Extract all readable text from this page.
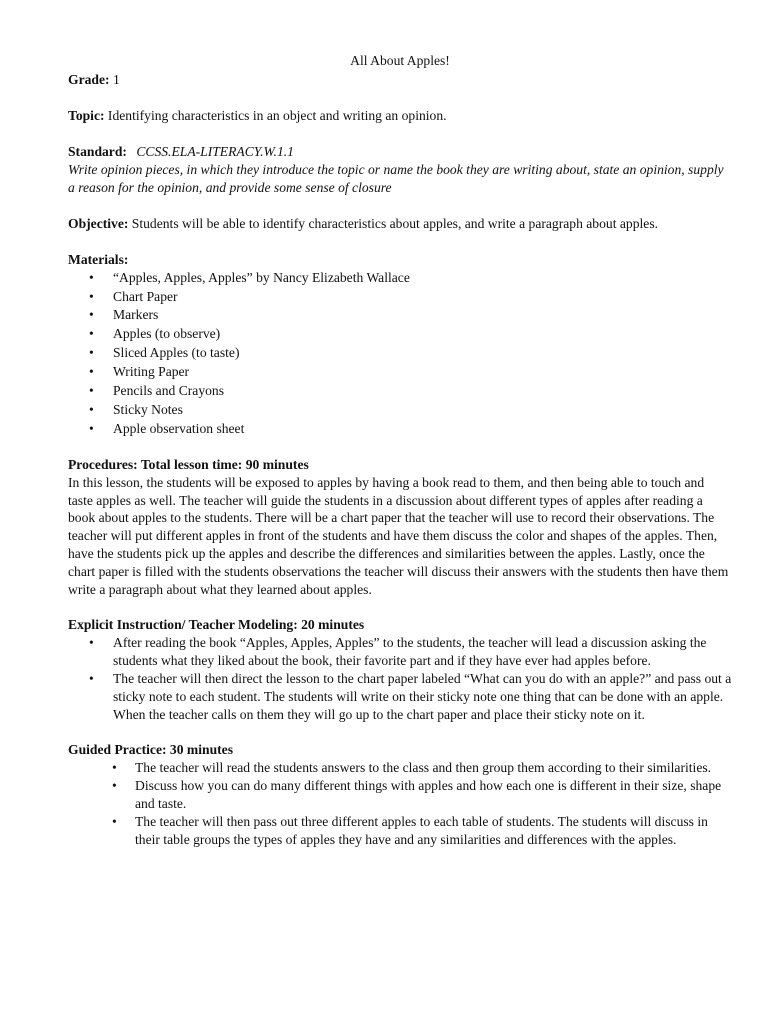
All About Apples!

Grade: 1

Topic: Identifying characteristics in an object and writing an opinion.

Standard: CCSS.ELA-LITERACY.W.1.1

Write opinion pieces, in which they introduce the topic or name the book they are writing about, state an opinion, supply a reason for the opinion, and provide some sense of closure

Objective: Students will be able to identify characteristics about apples, and write a paragraph about apples.

Materials:

• “Apples, Apples, Apples” by Nancy Elizabeth Wallace
• Chart Paper
• Markers
• Apples (to observe)
• Sliced Apples (to taste)
• Writing Paper
• Pencils and Crayons
• Sticky Notes
• Apple observation sheet

Procedures: Total lesson time: 90 minutes

In this lesson, the students will be exposed to apples by having a book read to them, and then being able to touch and taste apples as well. The teacher will guide the students in a discussion about different types of apples after reading a book about apples to the students. There will be a chart paper that the teacher will use to record their observations. The teacher will put different apples in front of the students and have them discuss the color and shapes of the apples. Then, have the students pick up the apples and describe the differences and similarities between the apples. Lastly, once the chart paper is filled with the students observations the teacher will discuss their answers with the students then have them write a paragraph about what they learned about apples.

Explicit Instruction/ Teacher Modeling: 20 minutes

• After reading the book “Apples, Apples, Apples” to the students, the teacher will lead a discussion asking the students what they liked about the book, their favorite part and if they have ever had apples before.
• The teacher will then direct the lesson to the chart paper labeled “What can you do with an apple?” and pass out a sticky note to each student. The students will write on their sticky note one thing that can be done with an apple. When the teacher calls on them they will go up to the chart paper and place their sticky note on it.

Guided Practice: 30 minutes

• The teacher will read the students answers to the class and then group them according to their similarities.
• Discuss how you can do many different things with apples and how each one is different in their size, shape and taste.
• The teacher will then pass out three different apples to each table of students. The students will discuss in their table groups the types of apples they have and any similarities and differences with the apples.
